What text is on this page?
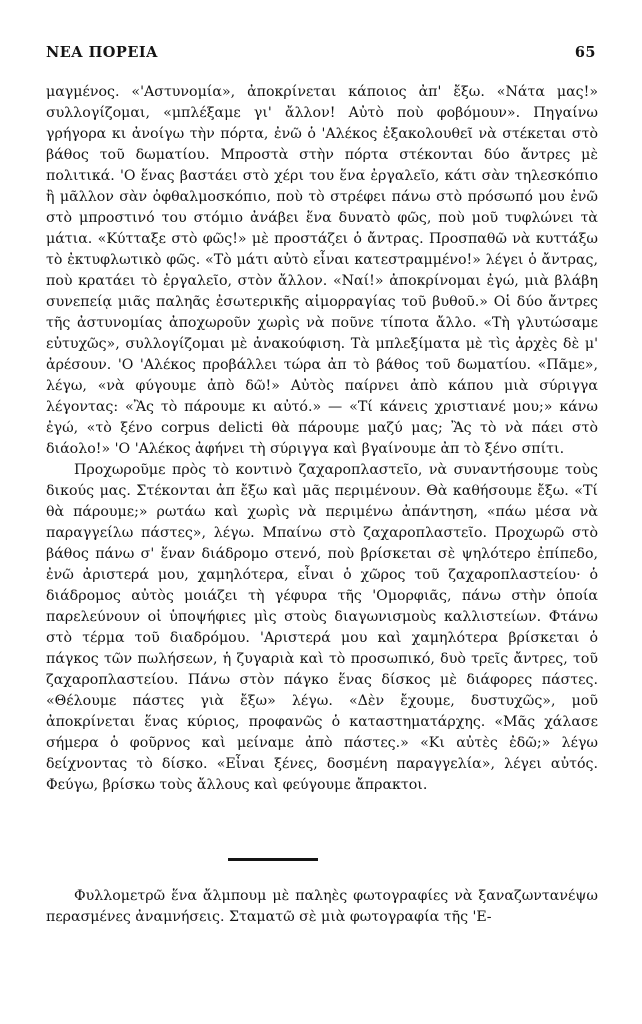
ΝΕΑ ΠΟΡΕΙΑ	65

μαγμένος. «'Αστυνομία», ἀποκρίνεται κάποιος ἀπ' ἔξω. «Νάτα μας!» συλλογίζομαι, «μπλέξαμε γι' ἄλλον! Αὐτὸ ποὺ φοβόμουν». Πηγαίνω γρήγορα κι ἀνοίγω τὴν πόρτα, ἐνῶ ὁ 'Αλέκος ἐξακολουθεῖ νὰ στέκεται στὸ βάθος τοῦ δωματίου. Μπροστὰ στὴν πόρτα στέκονται δύο ἄντρες μὲ πολιτικά. 'Ο ἕνας βαστάει στὸ χέρι του ἕνα ἐργαλεῖο, κάτι σὰν τηλεσκόπιο ἢ μᾶλλον σὰν ὀφθαλμοσκόπιο, ποὺ τὸ στρέφει πάνω στὸ πρόσωπό μου ἐνῶ στὸ μπροστινό του στόμιο ἀνάβει ἕνα δυνατὸ φῶς, ποὺ μοῦ τυφλώνει τὰ μάτια. «Κύτταξε στὸ φῶς!» μὲ προστάζει ὁ ἄντρας. Προσπαθῶ νὰ κυττάξω τὸ ἐκτυφλωτικὸ φῶς. «Τὸ μάτι αὐτὸ εἶναι κατεστραμμένο!» λέγει ὁ ἄντρας, ποὺ κρατάει τὸ ἐργαλεῖο, στὸν ἄλλον. «Ναί!» ἀποκρίνομαι ἐγώ, μιὰ βλάβη συνεπείᾳ μιᾶς παληᾶς ἐσωτερικῆς αἱμορραγίας τοῦ βυθοῦ.» Οἱ δύο ἄντρες τῆς ἀστυνομίας ἀποχωροῦν χωρὶς νὰ ποῦνε τίποτα ἄλλο. «Τὴ γλυτώσαμε εὐτυχῶς», συλλογίζομαι μὲ ἀνακούφιση. Τὰ μπλεξίματα μὲ τὶς ἀρχὲς δὲ μ' ἀρέσουν. 'Ο 'Αλέκος προβάλλει τώρα ἀπ τὸ βάθος τοῦ δωματίου. «Πᾶμε», λέγω, «νὰ φύγουμε ἀπὸ δῶ!» Αὐτὸς παίρνει ἀπὸ κάπου μιὰ σύριγγα λέγοντας: «Ἂς τὸ πάρουμε κι αὐτό.» — «Τί κάνεις χριστιανέ μου;» κάνω ἐγώ, «τὸ ξένο corpus delicti θὰ πάρουμε μαζύ μας; Ἂς τὸ νὰ πάει στὸ διάολο!» 'Ο 'Αλέκος ἀφήνει τὴ σύριγγα καὶ βγαίνουμε ἀπ τὸ ξένο σπίτι.

Προχωροῦμε πρὸς τὸ κοντινὸ ζαχαροπλαστεῖο, νὰ συναντήσουμε τοὺς δικούς μας. Στέκονται ἀπ ἔξω καὶ μᾶς περιμένουν. Θὰ καθήσουμε ἔξω. «Τί θὰ πάρουμε;» ρωτάω καὶ χωρὶς νὰ περιμένω ἀπάντηση, «πάω μέσα νὰ παραγγείλω πάστες», λέγω. Μπαίνω στὸ ζαχαροπλαστεῖο. Προχωρῶ στὸ βάθος πάνω σ' ἕναν διάδρομο στενό, ποὺ βρίσκεται σὲ ψηλότερο ἐπίπεδο, ἐνῶ ἀριστερά μου, χαμηλότερα, εἶναι ὁ χῶρος τοῦ ζαχαροπλαστείου· ὁ διάδρομος αὐτὸς μοιάζει τὴ γέφυρα τῆς 'Ομορφιᾶς, πάνω στὴν ὁποία παρελεύνουν οἱ ὑποψήφιες μὶς στοὺς διαγωνισμοὺς καλλιστείων. Φτάνω στὸ τέρμα τοῦ διαδρόμου. 'Αριστερά μου καὶ χαμηλότερα βρίσκεται ὁ πάγκος τῶν πωλήσεων, ἡ ζυγαριὰ καὶ τὸ προσωπικό, δυὸ τρεῖς ἄντρες, τοῦ ζαχαροπλαστείου. Πάνω στὸν πάγκο ἕνας δίσκος μὲ διάφορες πάστες. «Θέλουμε πάστες γιὰ ἔξω» λέγω. «Δὲν ἔχουμε, δυστυχῶς», μοῦ ἀποκρίνεται ἕνας κύριος, προφανῶς ὁ καταστηματάρχης. «Μᾶς χάλασε σήμερα ὁ φοῦρνος καὶ μείναμε ἀπὸ πάστες.» «Κι αὐτὲς ἐδῶ;» λέγω δείχνοντας τὸ δίσκο. «Εἶναι ξένες, δοσμένη παραγγελία», λέγει αὐτός. Φεύγω, βρίσκω τοὺς ἄλλους καὶ φεύγουμε ἄπρακτοι.

Φυλλομετρῶ ἕνα ἄλμπουμ μὲ παληὲς φωτογραφίες νὰ ξαναζωντανέψω περασμένες ἀναμνήσεις. Σταματῶ σὲ μιὰ φωτογραφία τῆς 'Ε-
